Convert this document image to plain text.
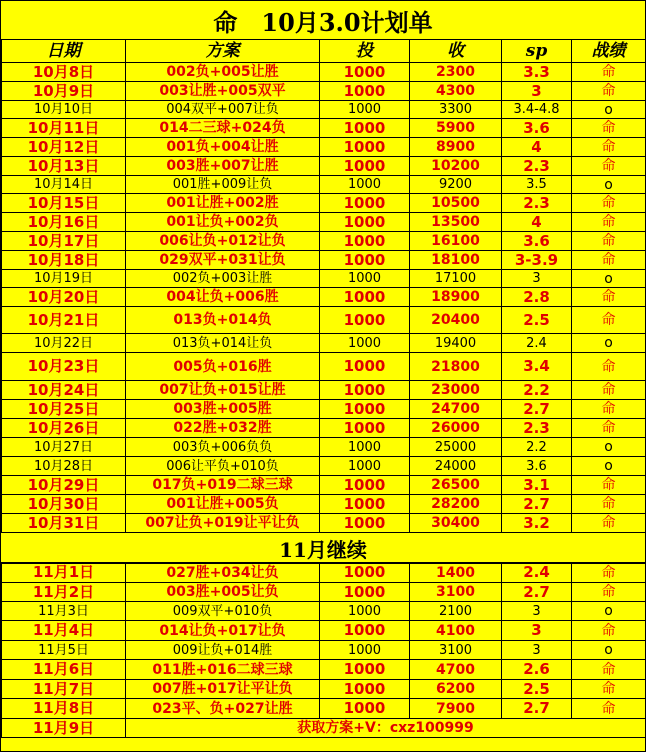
命　10月3.0计划单
日期	方案	投	收	sp	战绩
10月8日	002负+005让胜	1000	2300	3.3	命
10月9日	003让胜+005双平	1000	4300	3	命
10月10日	004双平+007让负	1000	3300	3.4-4.8	o
10月11日	014二三球+024负	1000	5900	3.6	命
10月12日	001负+004让胜	1000	8900	4	命
10月13日	003胜+007让胜	1000	10200	2.3	命
10月14日	001胜+009让负	1000	9200	3.5	o
10月15日	001让胜+002胜	1000	10500	2.3	命
10月16日	001让负+002负	1000	13500	4	命
10月17日	006让负+012让负	1000	16100	3.6	命
10月18日	029双平+031让负	1000	18100	3-3.9	命
10月19日	002负+003让胜	1000	17100	3	o
10月20日	004让负+006胜	1000	18900	2.8	命
10月21日	013负+014负	1000	20400	2.5	命
10月22日	013负+014让负	1000	19400	2.4	o
10月23日	005负+016胜	1000	21800	3.4	命
10月24日	007让负+015让胜	1000	23000	2.2	命
10月25日	003胜+005胜	1000	24700	2.7	命
10月26日	022胜+032胜	1000	26000	2.3	命
10月27日	003负+006负负	1000	25000	2.2	o
10月28日	006让平负+010负	1000	24000	3.6	o
10月29日	017负+019二球三球	1000	26500	3.1	命
10月30日	001让胜+005负	1000	28200	2.7	命
10月31日	007让负+019让平让负	1000	30400	3.2	命
11月继续
11月1日	027胜+034让负	1000	1400	2.4	命
11月2日	003胜+005让负	1000	3100	2.7	命
11月3日	009双平+010负	1000	2100	3	o
11月4日	014让负+017让负	1000	4100	3	命
11月5日	009让负+014胜	1000	3100	3	o
11月6日	011胜+016二球三球	1000	4700	2.6	命
11月7日	007胜+017让平让负	1000	6200	2.5	命
11月8日	023平、负+027让胜	1000	7900	2.7	命
11月9日	获取方案+V：cxz100999				
